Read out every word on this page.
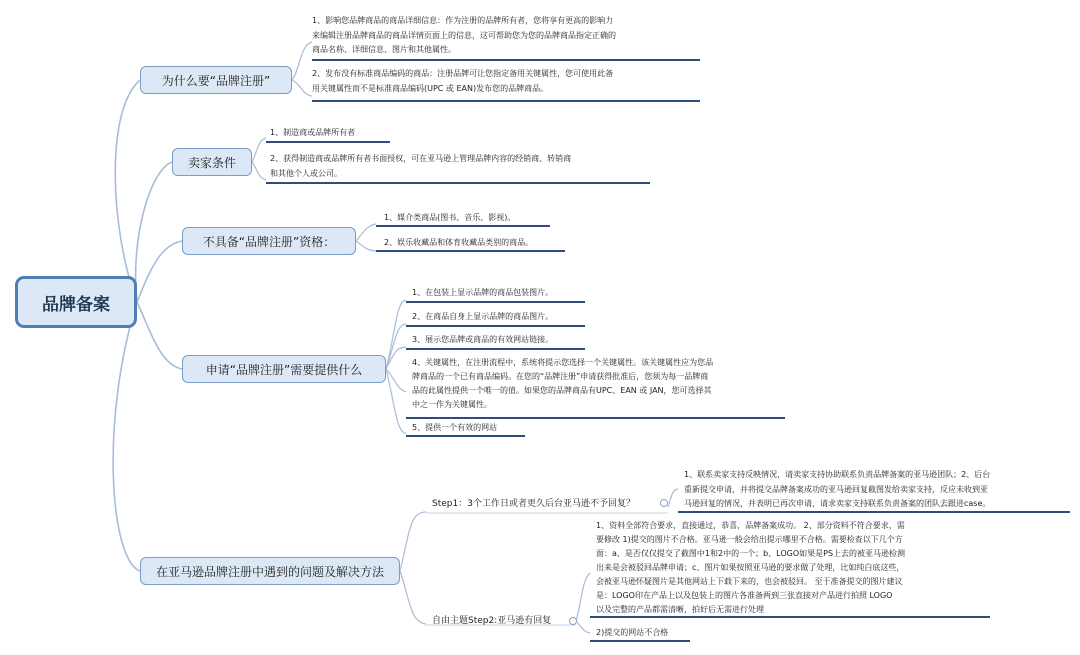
品牌备案
为什么要“品牌注册”
1、影响您品牌商品的商品详细信息：作为注册的品牌所有者，您将享有更高的影响力
来编辑注册品牌商品的商品详情页面上的信息，这可帮助您为您的品牌商品指定正确的
商品名称、详细信息、图片和其他属性。
2、发布没有标准商品编码的商品：注册品牌可让您指定备用关键属性，您可使用此备
用关键属性而不是标准商品编码(UPC 或 EAN)发布您的品牌商品。
卖家条件
1、制造商或品牌所有者
2、获得制造商或品牌所有者书面授权，可在亚马逊上管理品牌内容的经销商、转销商
和其他个人或公司。
不具备“品牌注册”资格：
1、媒介类商品(图书、音乐、影视)。
2、娱乐收藏品和体育收藏品类别的商品。
申请“品牌注册”需要提供什么
1、在包装上显示品牌的商品包装图片。
2、在商品自身上显示品牌的商品图片。
3、展示您品牌或商品的有效网站链接。
4、关键属性，在注册流程中，系统将提示您选择一个关键属性。该关键属性应为您品
牌商品的一个已有商品编码。在您的“品牌注册”申请获得批准后，您须为每一品牌商
品的此属性提供一个唯一的值。如果您的品牌商品有UPC、EAN 或 JAN，您可选择其
中之一作为关键属性。
5、提供一个有效的网站
在亚马逊品牌注册中遇到的问题及解决方法
Step1：3个工作日或者更久后台亚马逊不予回复？
1、联系卖家支持反映情况，请卖家支持协助联系负责品牌备案的亚马逊团队；2、后台
重新提交申请，并将提交品牌备案成功的亚马逊回复截图发给卖家支持，反应未收到亚
马逊回复的情况，并表明已再次申请，请求卖家支持联系负责备案的团队去跟进case。
自由主题Step2:亚马逊有回复
1、资料全部符合要求，直接通过，恭喜，品牌备案成功。 2、部分资料不符合要求，需
要修改 1)提交的图片不合格。亚马逊一般会给出提示哪里不合格。需要检查以下几个方
面：a、是否仅仅提交了截图中1和2中的一个；b、LOGO如果是PS上去的被亚马逊检测
出来是会被驳回品牌申请；c、图片如果按照亚马逊的要求做了处理，比如纯白底这些，
会被亚马逊怀疑图片是其他网站上下载下来的，也会被驳回。 至于准备提交的图片建议
是：LOGO印在产品上以及包装上的图片各准备两到三张直接对产品进行拍照 LOGO
以及完整的产品都需清晰，拍好后无需进行处理
2)提交的网站不合格
